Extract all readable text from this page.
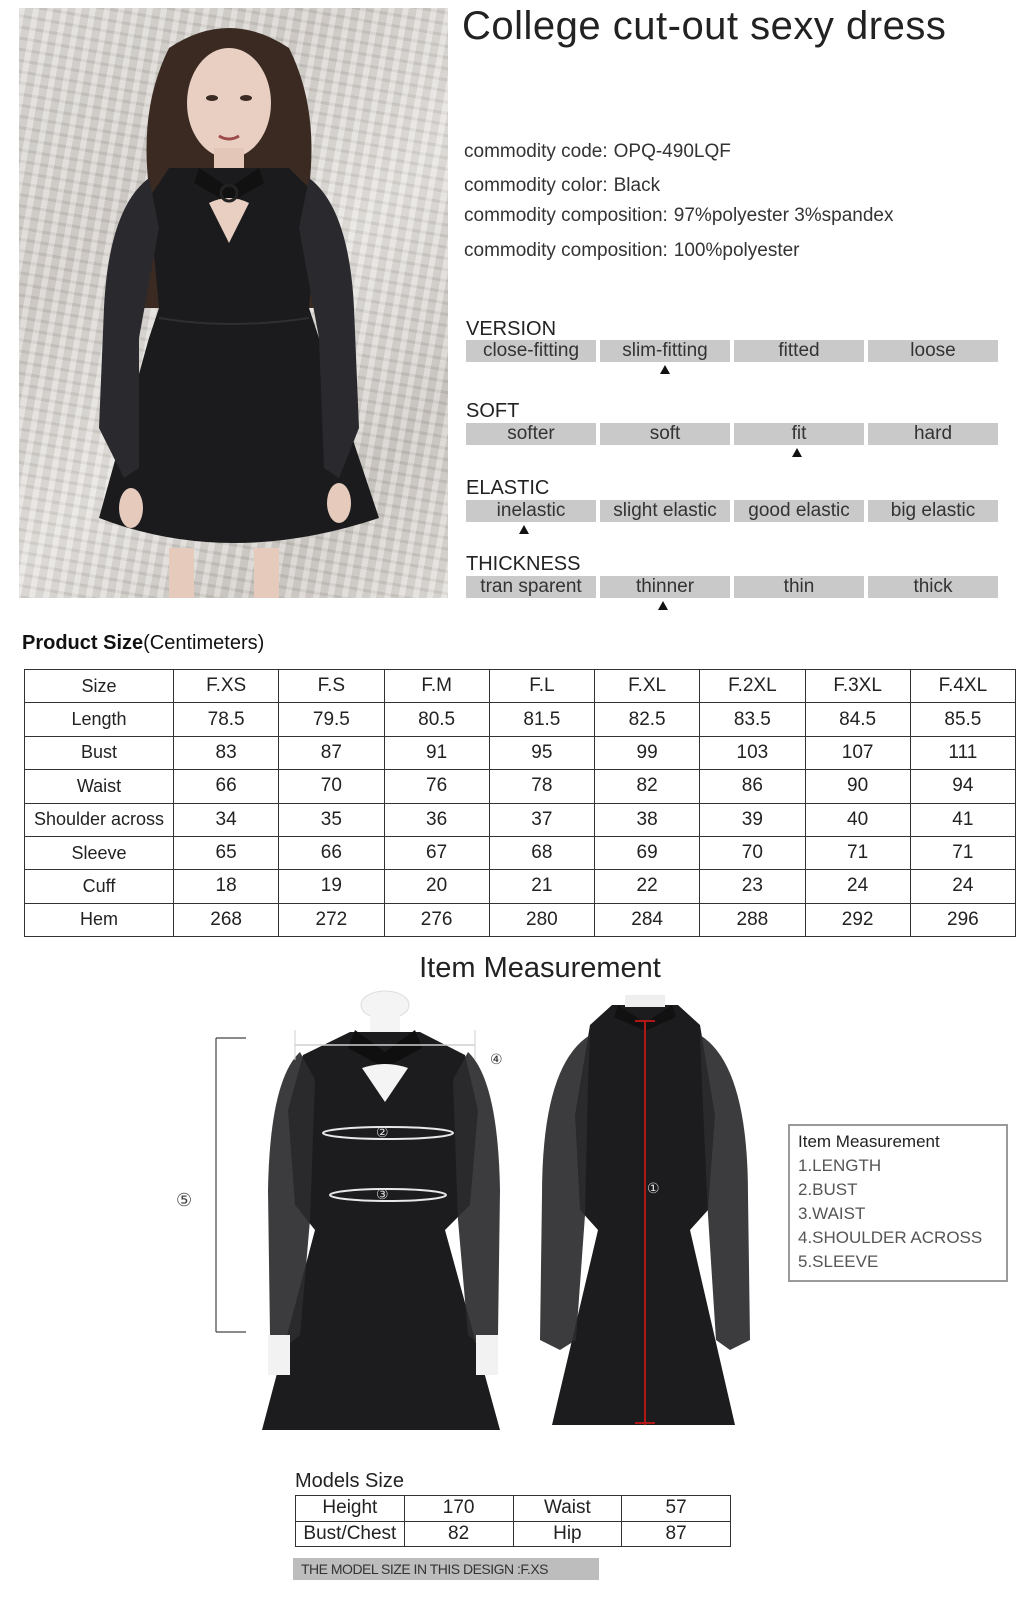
College cut-out sexy dress
commodity code: OPQ-490LQF
commodity color: Black
commodity composition: 97%polyester 3%spandex
commodity composition: 100%polyester
VERSION
close-fitting	slim-fitting	fitted	loose
SOFT
softer	soft	fit	hard
ELASTIC
inelastic	slight elastic	good elastic	big elastic
THICKNESS
tran sparent	thinner	thin	thick
Product Size(Centimeters)
Size	F.XS	F.S	F.M	F.L	F.XL	F.2XL	F.3XL	F.4XL
Length	78.5	79.5	80.5	81.5	82.5	83.5	84.5	85.5
Bust	83	87	91	95	99	103	107	111
Waist	66	70	76	78	82	86	90	94
Shoulder across	34	35	36	37	38	39	40	41
Sleeve	65	66	67	68	69	70	71	71
Cuff	18	19	20	21	22	23	24	24
Hem	268	272	276	280	284	288	292	296
Item Measurement
④
②
③
⑤
①
Item Measurement
1.LENGTH
2.BUST
3.WAIST
4.SHOULDER ACROSS
5.SLEEVE
Models Size
Height	170	Waist	57
Bust/Chest	82	Hip	87
THE MODEL SIZE IN THIS DESIGN :F.XS
